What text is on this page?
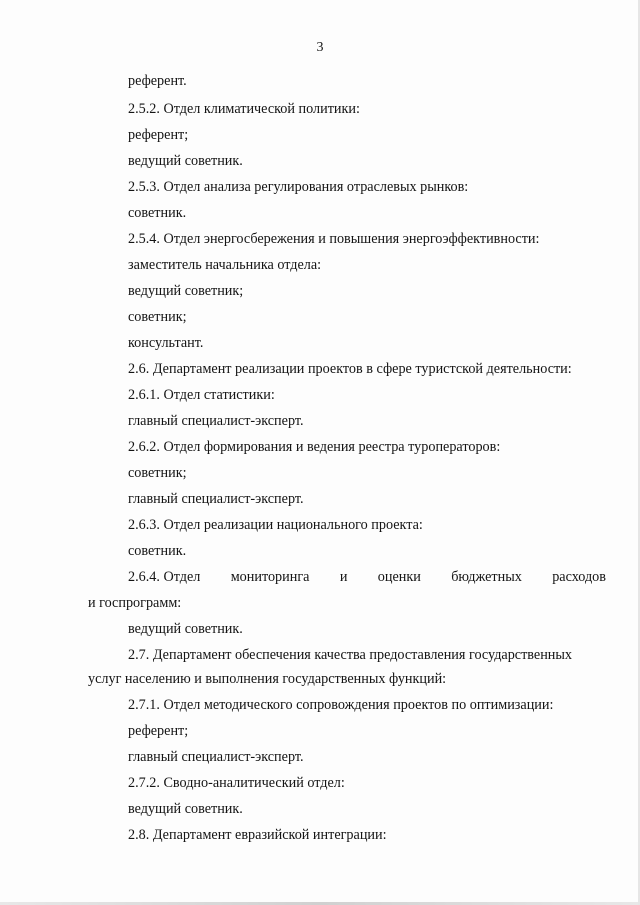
3
референт.
2.5.2. Отдел климатической политики:
референт;
ведущий советник.
2.5.3. Отдел анализа регулирования отраслевых рынков:
советник.
2.5.4. Отдел энергосбережения и повышения энергоэффективности:
заместитель начальника отдела:
ведущий советник;
советник;
консультант.
2.6. Департамент реализации проектов в сфере туристской деятельности:
2.6.1. Отдел статистики:
главный специалист-эксперт.
2.6.2. Отдел формирования и ведения реестра туроператоров:
советник;
главный специалист-эксперт.
2.6.3. Отдел реализации национального проекта:
советник.
2.6.4. Отдел мониторинга и оценки бюджетных расходов
и госпрограмм:
ведущий советник.
2.7. Департамент обеспечения качества предоставления государственных
услуг населению и выполнения государственных функций:
2.7.1. Отдел методического сопровождения проектов по оптимизации:
референт;
главный специалист-эксперт.
2.7.2. Сводно-аналитический отдел:
ведущий советник.
2.8. Департамент евразийской интеграции:
